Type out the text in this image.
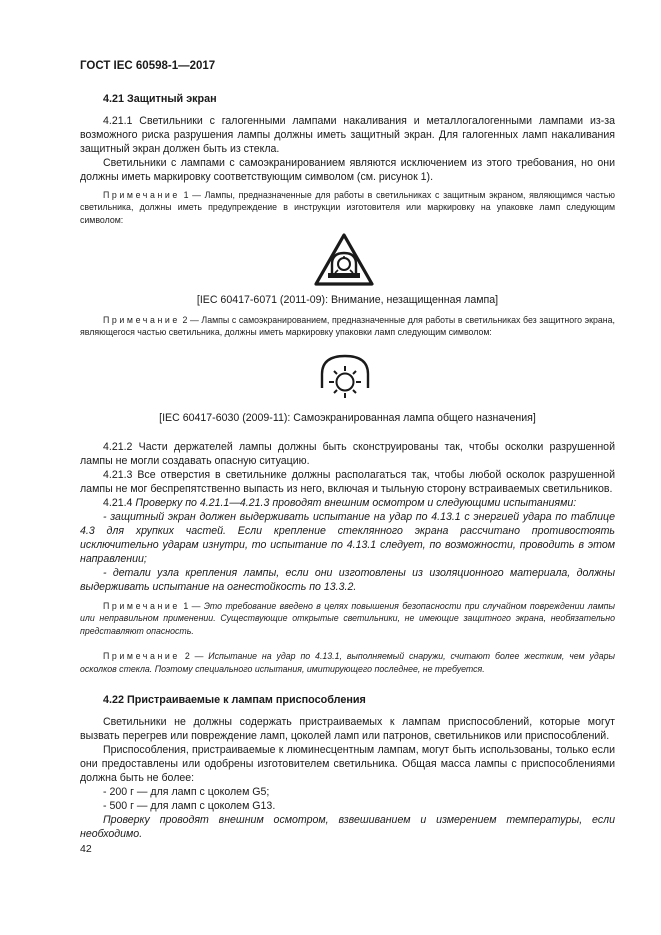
ГОСТ IEC 60598-1—2017

4.21 Защитный экран

4.21.1 Светильники с галогенными лампами накаливания и металлогалогенными лампами из-за возможного риска разрушения лампы должны иметь защитный экран. Для галогенных ламп накаливания защитный экран должен быть из стекла.

Светильники с лампами с самоэкранированием являются исключением из этого требования, но они должны иметь маркировку соответствующим символом (см. рисунок 1).

Примечание 1 — Лампы, предназначенные для работы в светильниках с защитным экраном, являющимся частью светильника, должны иметь предупреждение в инструкции изготовителя или маркировку на упаковке ламп следующим символом:

[IEC 60417-6071 (2011-09): Внимание, незащищенная лампа]

Примечание 2 — Лампы с самоэкранированием, предназначенные для работы в светильниках без защитного экрана, являющегося частью светильника, должны иметь маркировку упаковки ламп следующим символом:

[IEC 60417-6030 (2009-11): Самоэкранированная лампа общего назначения]

4.21.2 Части держателей лампы должны быть сконструированы так, чтобы осколки разрушенной лампы не могли создавать опасную ситуацию.

4.21.3 Все отверстия в светильнике должны располагаться так, чтобы любой осколок разрушенной лампы не мог беспрепятственно выпасть из него, включая и тыльную сторону встраиваемых светильников.

4.21.4 Проверку по 4.21.1—4.21.3 проводят внешним осмотром и следующими испытаниями:

- защитный экран должен выдерживать испытание на удар по 4.13.1 с энергией удара по таблице 4.3 для хрупких частей. Если крепление стеклянного экрана рассчитано противостоять исключительно ударам изнутри, то испытание по 4.13.1 следует, по возможности, проводить в этом направлении;

- детали узла крепления лампы, если они изготовлены из изоляционного материала, должны выдерживать испытание на огнестойкость по 13.3.2.

Примечание 1 — Это требование введено в целях повышения безопасности при случайном повреждении лампы или неправильном применении. Существующие открытые светильники, не имеющие защитного экрана, необязательно представляют опасность.

Примечание 2 — Испытание на удар по 4.13.1, выполняемый снаружи, считают более жестким, чем удары осколков стекла. Поэтому специального испытания, имитирующего последнее, не требуется.

4.22 Пристраиваемые к лампам приспособления

Светильники не должны содержать пристраиваемых к лампам приспособлений, которые могут вызвать перегрев или повреждение ламп, цоколей ламп или патронов, светильников или приспособлений.

Приспособления, пристраиваемые к люминесцентным лампам, могут быть использованы, только если они предоставлены или одобрены изготовителем светильника. Общая масса лампы с приспособлениями должна быть не более:

- 200 г — для ламп с цоколем G5;

- 500 г — для ламп с цоколем G13.

Проверку проводят внешним осмотром, взвешиванием и измерением температуры, если необходимо.

42
